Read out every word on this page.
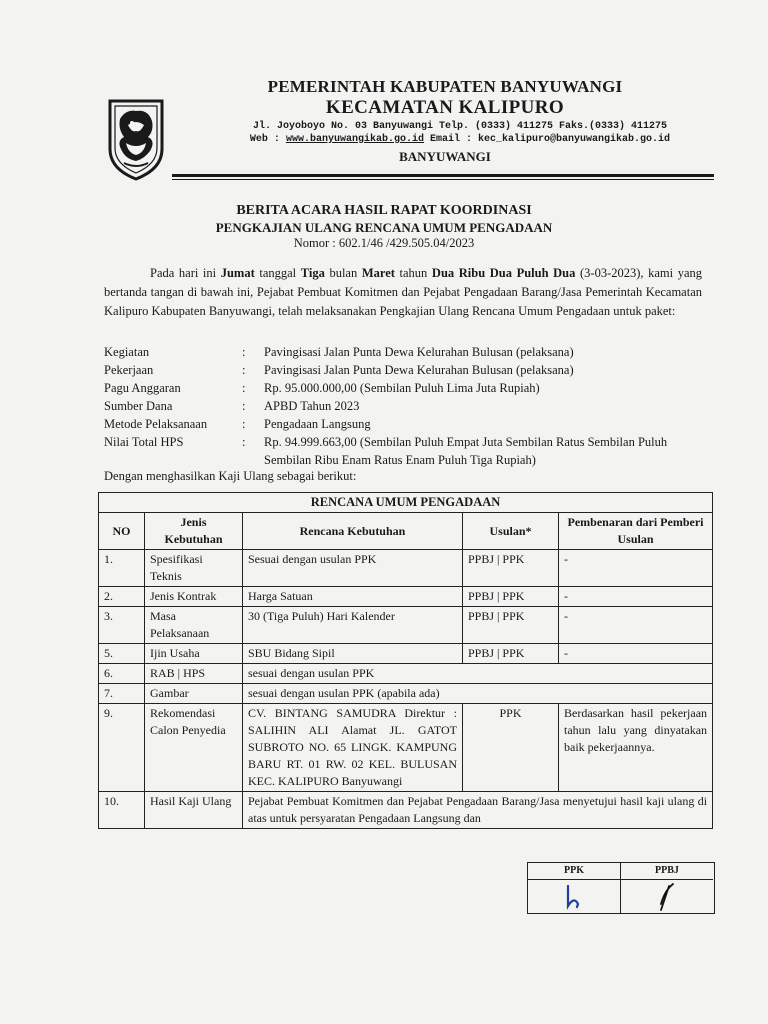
PEMERINTAH KABUPATEN BANYUWANGI
KECAMATAN KALIPURO
Jl. Joyoboyo No. 03 Banyuwangi Telp. (0333) 411275 Faks.(0333) 411275
Web : www.banyuwangikab.go.id Email : kec_kalipuro@banyuwangikab.go.id
BANYUWANGI
BERITA ACARA HASIL RAPAT KOORDINASI
PENGKAJIAN ULANG RENCANA UMUM PENGADAAN
Nomor : 602.1/46 /429.505.04/2023
Pada hari ini Jumat tanggal Tiga bulan Maret tahun Dua Ribu Dua Puluh Dua (3-03-2023), kami yang bertanda tangan di bawah ini, Pejabat Pembuat Komitmen dan Pejabat Pengadaan Barang/Jasa Pemerintah Kecamatan Kalipuro Kabupaten Banyuwangi, telah melaksanakan Pengkajian Ulang Rencana Umum Pengadaan untuk paket:
Kegiatan	:	Pavingisasi Jalan Punta Dewa Kelurahan Bulusan (pelaksana)
Pekerjaan	:	Pavingisasi Jalan Punta Dewa Kelurahan Bulusan (pelaksana)
Pagu Anggaran	:	Rp. 95.000.000,00 (Sembilan Puluh Lima Juta Rupiah)
Sumber Dana	:	APBD Tahun 2023
Metode Pelaksanaan	:	Pengadaan Langsung
Nilai Total HPS	:	Rp. 94.999.663,00 (Sembilan Puluh Empat Juta Sembilan Ratus Sembilan Puluh Sembilan Ribu Enam Ratus Enam Puluh Tiga Rupiah)
Dengan menghasilkan Kaji Ulang sebagai berikut:
RENCANA UMUM PENGADAAN				
NO	Jenis Kebutuhan	Rencana Kebutuhan	Usulan*	Pembenaran dari Pemberi Usulan
1.	Spesifikasi Teknis	Sesuai dengan usulan PPK	PPBJ | PPK	-
2.	Jenis Kontrak	Harga Satuan	PPBJ | PPK	-
3.	Masa Pelaksanaan	30 (Tiga Puluh) Hari Kalender	PPBJ | PPK	-
5.	Ijin Usaha	SBU Bidang Sipil	PPBJ | PPK	-
6.	RAB | HPS	sesuai dengan usulan PPK		
7.	Gambar	sesuai dengan usulan PPK (apabila ada)		
9.	Rekomendasi Calon Penyedia	CV. BINTANG SAMUDRA Direktur : SALIHIN ALI Alamat JL. GATOT SUBROTO NO. 65 LINGK. KAMPUNG BARU RT. 01 RW. 02 KEL. BULUSAN KEC. KALIPURO Banyuwangi	PPK	Berdasarkan hasil pekerjaan tahun lalu yang dinyatakan baik pekerjaannya.
10.	Hasil Kaji Ulang	Pejabat Pembuat Komitmen dan Pejabat Pengadaan Barang/Jasa menyetujui hasil kaji ulang di atas untuk persyaratan Pengadaan Langsung dan		
PPK	PPBJ
